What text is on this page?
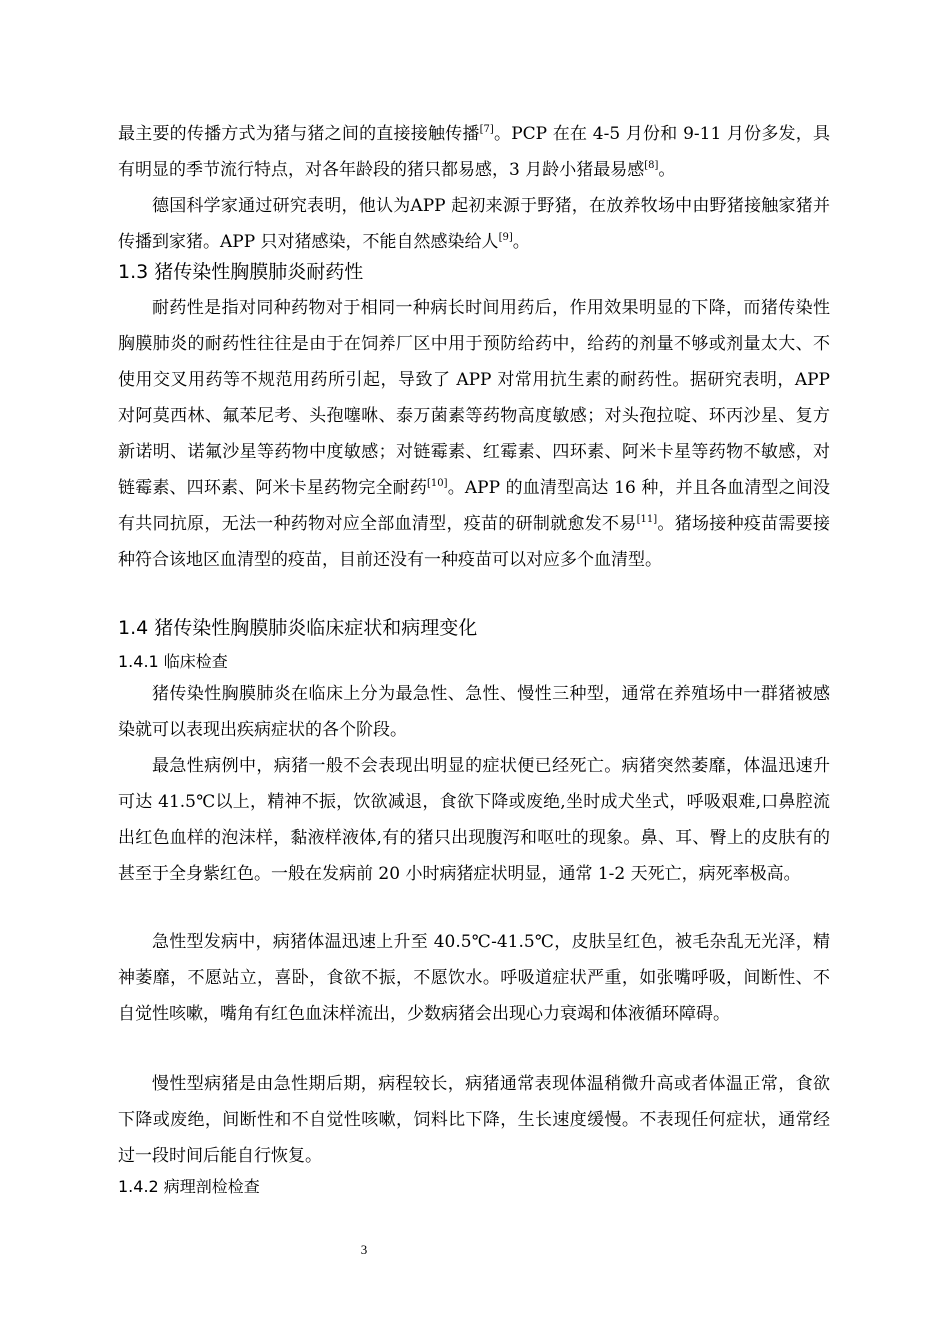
最主要的传播方式为猪与猪之间的直接接触传播[7]。PCP 在在 4-5 月份和 9-11 月份多发，具有明显的季节流行特点，对各年龄段的猪只都易感，3 月龄小猪最易感[8]。

德国科学家通过研究表明，他认为APP 起初来源于野猪，在放养牧场中由野猪接触家猪并传播到家猪。APP 只对猪感染，不能自然感染给人[9]。

1.3 猪传染性胸膜肺炎耐药性

耐药性是指对同种药物对于相同一种病长时间用药后，作用效果明显的下降，而猪传染性胸膜肺炎的耐药性往往是由于在饲养厂区中用于预防给药中，给药的剂量不够或剂量太大、不使用交叉用药等不规范用药所引起，导致了 APP 对常用抗生素的耐药性。据研究表明，APP 对阿莫西林、氟苯尼考、头孢噻咻、泰万菌素等药物高度敏感；对头孢拉啶、环丙沙星、复方新诺明、诺氟沙星等药物中度敏感；对链霉素、红霉素、四环素、阿米卡星等药物不敏感，对链霉素、四环素、阿米卡星药物完全耐药[10]。APP 的血清型高达 16 种，并且各血清型之间没有共同抗原，无法一种药物对应全部血清型，疫苗的研制就愈发不易[11]。猪场接种疫苗需要接种符合该地区血清型的疫苗，目前还没有一种疫苗可以对应多个血清型。

1.4 猪传染性胸膜肺炎临床症状和病理变化
1.4.1 临床检查

猪传染性胸膜肺炎在临床上分为最急性、急性、慢性三种型，通常在养殖场中一群猪被感染就可以表现出疾病症状的各个阶段。

最急性病例中，病猪一般不会表现出明显的症状便已经死亡。病猪突然萎靡，体温迅速升可达 41.5℃以上，精神不振，饮欲减退，食欲下降或废绝,坐时成犬坐式，呼吸艰难,口鼻腔流出红色血样的泡沫样，黏液样液体,有的猪只出现腹泻和呕吐的现象。鼻、耳、臀上的皮肤有的甚至于全身紫红色。一般在发病前 20 小时病猪症状明显，通常 1-2 天死亡，病死率极高。

急性型发病中，病猪体温迅速上升至 40.5℃-41.5℃，皮肤呈红色，被毛杂乱无光泽，精神萎靡，不愿站立，喜卧，食欲不振，不愿饮水。呼吸道症状严重，如张嘴呼吸，间断性、不自觉性咳嗽，嘴角有红色血沫样流出，少数病猪会出现心力衰竭和体液循环障碍。

慢性型病猪是由急性期后期，病程较长，病猪通常表现体温稍微升高或者体温正常，食欲下降或废绝，间断性和不自觉性咳嗽，饲料比下降，生长速度缓慢。不表现任何症状，通常经过一段时间后能自行恢复。

1.4.2 病理剖检检查
3
